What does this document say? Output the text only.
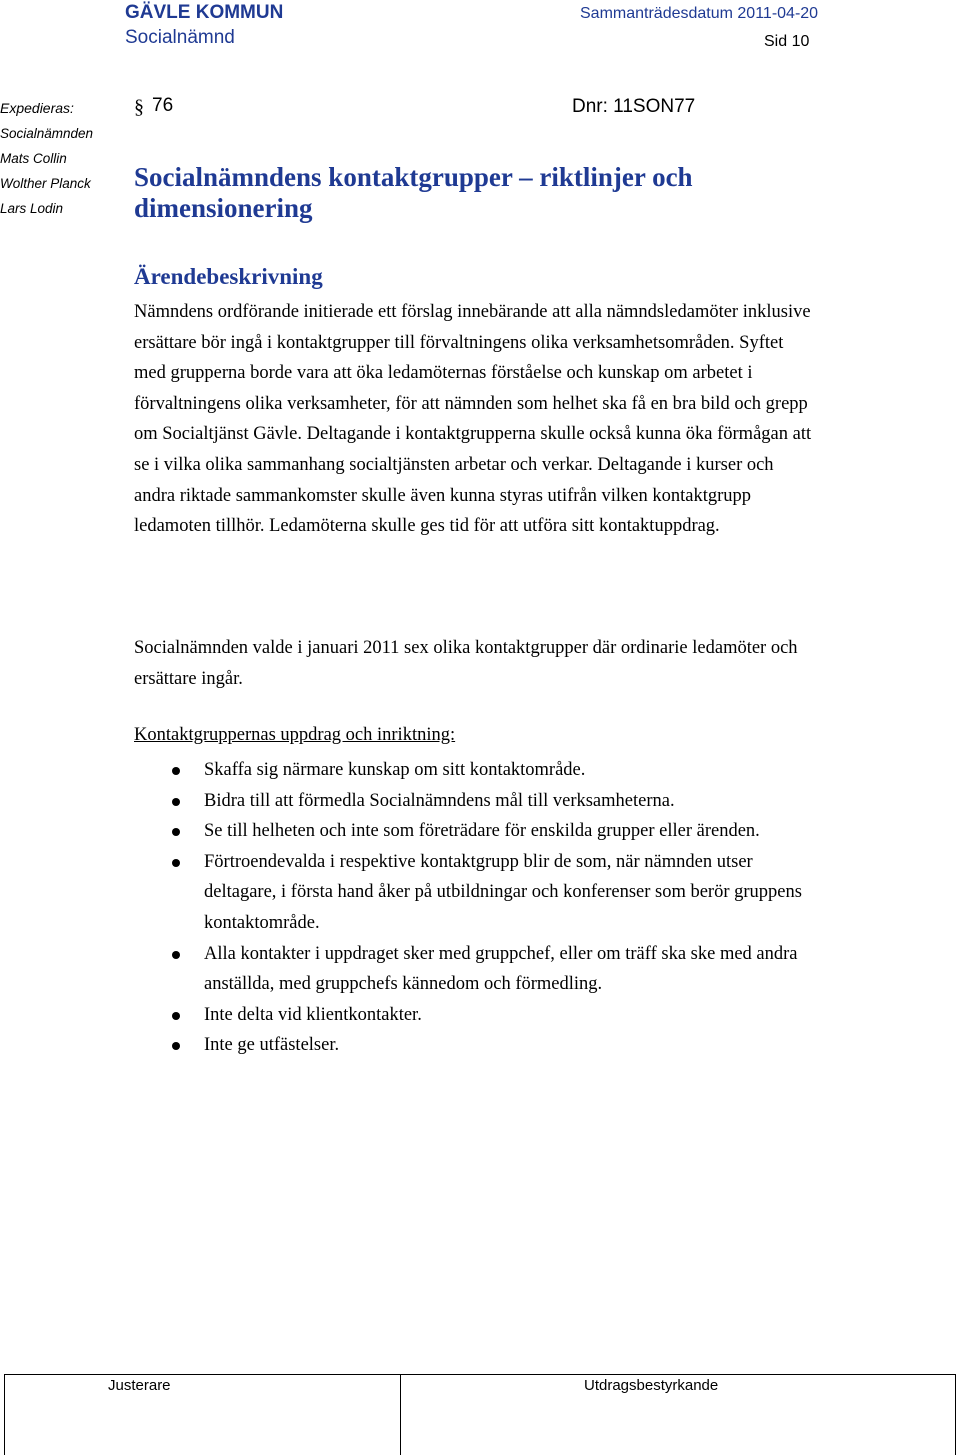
GÄVLE KOMMUN
Socialnämnd
Sammanträdesdatum 2011-04-20
Sid 10
Expedieras:
Socialnämnden
Mats Collin
Wolther Planck
Lars Lodin
§ 76	Dnr: 11SON77
Socialnämndens kontaktgrupper – riktlinjer och dimensionering
Ärendebeskrivning

Nämndens ordförande initierade ett förslag innebärande att alla nämndsledamöter inklusive ersättare bör ingå i kontaktgrupper till förvaltningens olika verksamhetsområden. Syftet med grupperna borde vara att öka ledamöternas förståelse och kunskap om arbetet i förvaltningens olika verksamheter, för att nämnden som helhet ska få en bra bild och grepp om Socialtjänst Gävle. Deltagande i kontaktgrupperna skulle också kunna öka förmågan att se i vilka olika sammanhang socialtjänsten arbetar och verkar. Deltagande i kurser och andra riktade sammankomster skulle även kunna styras utifrån vilken kontaktgrupp ledamoten tillhör. Ledamöterna skulle ges tid för att utföra sitt kontaktuppdrag.

Socialnämnden valde i januari 2011 sex olika kontaktgrupper där ordinarie ledamöter och ersättare ingår.

Kontaktgruppernas uppdrag och inriktning:
Skaffa sig närmare kunskap om sitt kontaktområde.
Bidra till att förmedla Socialnämndens mål till verksamheterna.
Se till helheten och inte som företrädare för enskilda grupper eller ärenden.
Förtroendevalda i respektive kontaktgrupp blir de som, när nämnden utser deltagare, i första hand åker på utbildningar och konferenser som berör gruppens kontaktområde.
Alla kontakter i uppdraget sker med gruppchef, eller om träff ska ske med andra anställda, med gruppchefs kännedom och förmedling.
Inte delta vid klientkontakter.
Inte ge utfästelser.
Justerare	Utdragsbestyrkande
